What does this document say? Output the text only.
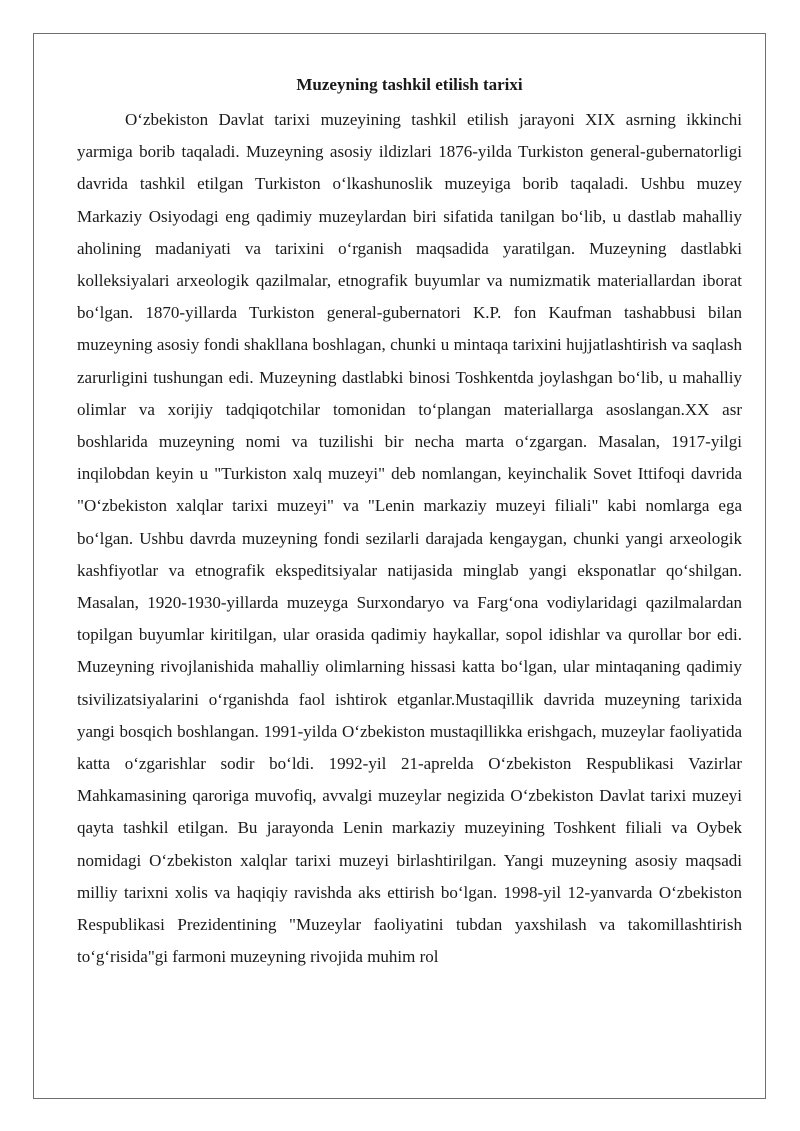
Muzeyning tashkil etilish tarixi

O‘zbekiston Davlat tarixi muzeyining tashkil etilish jarayoni XIX asrning ikkinchi yarmiga borib taqaladi. Muzeyning asosiy ildizlari 1876-yilda Turkiston general-gubernatorligi davrida tashkil etilgan Turkiston o‘lkashunoslik muzeyiga borib taqaladi. Ushbu muzey Markaziy Osiyodagi eng qadimiy muzeylardan biri sifatida tanilgan bo‘lib, u dastlab mahalliy aholining madaniyati va tarixini o‘rganish maqsadida yaratilgan. Muzeyning dastlabki kolleksiyalari arxeologik qazilmalar, etnografik buyumlar va numizmatik materiallardan iborat bo‘lgan. 1870-yillarda Turkiston general-gubernatori K.P. fon Kaufman tashabbusi bilan muzeyning asosiy fondi shakllana boshlagan, chunki u mintaqa tarixini hujjatlashtirish va saqlash zarurligini tushungan edi. Muzeyning dastlabki binosi Toshkentda joylashgan bo‘lib, u mahalliy olimlar va xorijiy tadqiqotchilar tomonidan to‘plangan materiallarga asoslangan.XX asr boshlarida muzeyning nomi va tuzilishi bir necha marta o‘zgargan. Masalan, 1917-yilgi inqilobdan keyin u "Turkiston xalq muzeyi" deb nomlangan, keyinchalik Sovet Ittifoqi davrida "O‘zbekiston xalqlar tarixi muzeyi" va "Lenin markaziy muzeyi filiali" kabi nomlarga ega bo‘lgan. Ushbu davrda muzeyning fondi sezilarli darajada kengaygan, chunki yangi arxeologik kashfiyotlar va etnografik ekspeditsiyalar natijasida minglab yangi eksponatlar qo‘shilgan. Masalan, 1920-1930-yillarda muzeyga Surxondaryo va Farg‘ona vodiylaridagi qazilmalardan topilgan buyumlar kiritilgan, ular orasida qadimiy haykallar, sopol idishlar va qurollar bor edi. Muzeyning rivojlanishida mahalliy olimlarning hissasi katta bo‘lgan, ular mintaqaning qadimiy tsivilizatsiyalarini o‘rganishda faol ishtirok etganlar.Mustaqillik davrida muzeyning tarixida yangi bosqich boshlangan. 1991-yilda O‘zbekiston mustaqillikka erishgach, muzeylar faoliyatida katta o‘zgarishlar sodir bo‘ldi. 1992-yil 21-aprelda O‘zbekiston Respublikasi Vazirlar Mahkamasining qaroriga muvofiq, avvalgi muzeylar negizida O‘zbekiston Davlat tarixi muzeyi qayta tashkil etilgan. Bu jarayonda Lenin markaziy muzeyining Toshkent filiali va Oybek nomidagi O‘zbekiston xalqlar tarixi muzeyi birlashtirilgan. Yangi muzeyning asosiy maqsadi milliy tarixni xolis va haqiqiy ravishda aks ettirish bo‘lgan. 1998-yil 12-yanvarda O‘zbekiston Respublikasi Prezidentining "Muzeylar faoliyatini tubdan yaxshilash va takomillashtirish to‘g‘risida"gi farmoni muzeyning rivojida muhim rol
